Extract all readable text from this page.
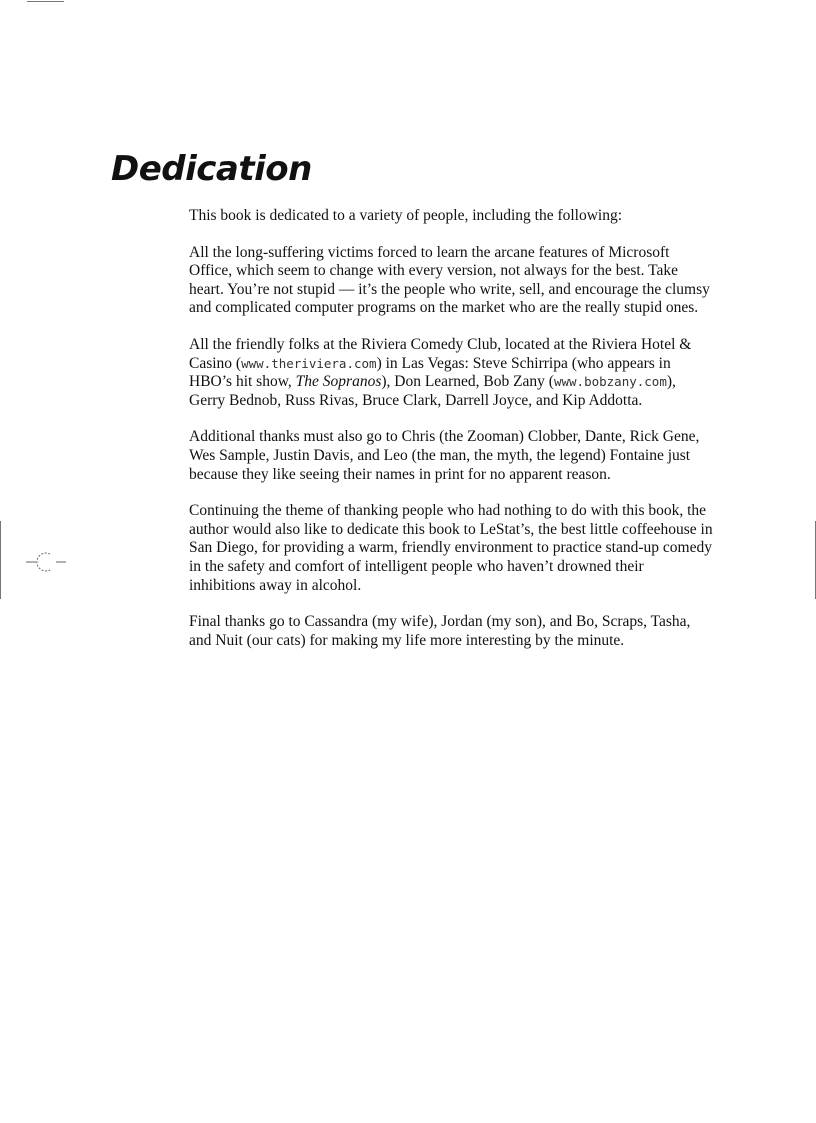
Dedication

This book is dedicated to a variety of people, including the following:

All the long-suffering victims forced to learn the arcane features of Microsoft Office, which seem to change with every version, not always for the best. Take heart. You’re not stupid — it’s the people who write, sell, and encourage the clumsy and complicated computer programs on the market who are the really stupid ones.

All the friendly folks at the Riviera Comedy Club, located at the Riviera Hotel & Casino (www.theriviera.com) in Las Vegas: Steve Schirripa (who appears in HBO’s hit show, The Sopranos), Don Learned, Bob Zany (www.bobzany.com), Gerry Bednob, Russ Rivas, Bruce Clark, Darrell Joyce, and Kip Addotta.

Additional thanks must also go to Chris (the Zooman) Clobber, Dante, Rick Gene, Wes Sample, Justin Davis, and Leo (the man, the myth, the legend) Fontaine just because they like seeing their names in print for no apparent reason.

Continuing the theme of thanking people who had nothing to do with this book, the author would also like to dedicate this book to LeStat’s, the best little coffeehouse in San Diego, for providing a warm, friendly environment to practice stand-up comedy in the safety and comfort of intelligent people who haven’t drowned their inhibitions away in alcohol.

Final thanks go to Cassandra (my wife), Jordan (my son), and Bo, Scraps, Tasha, and Nuit (our cats) for making my life more interesting by the minute.
